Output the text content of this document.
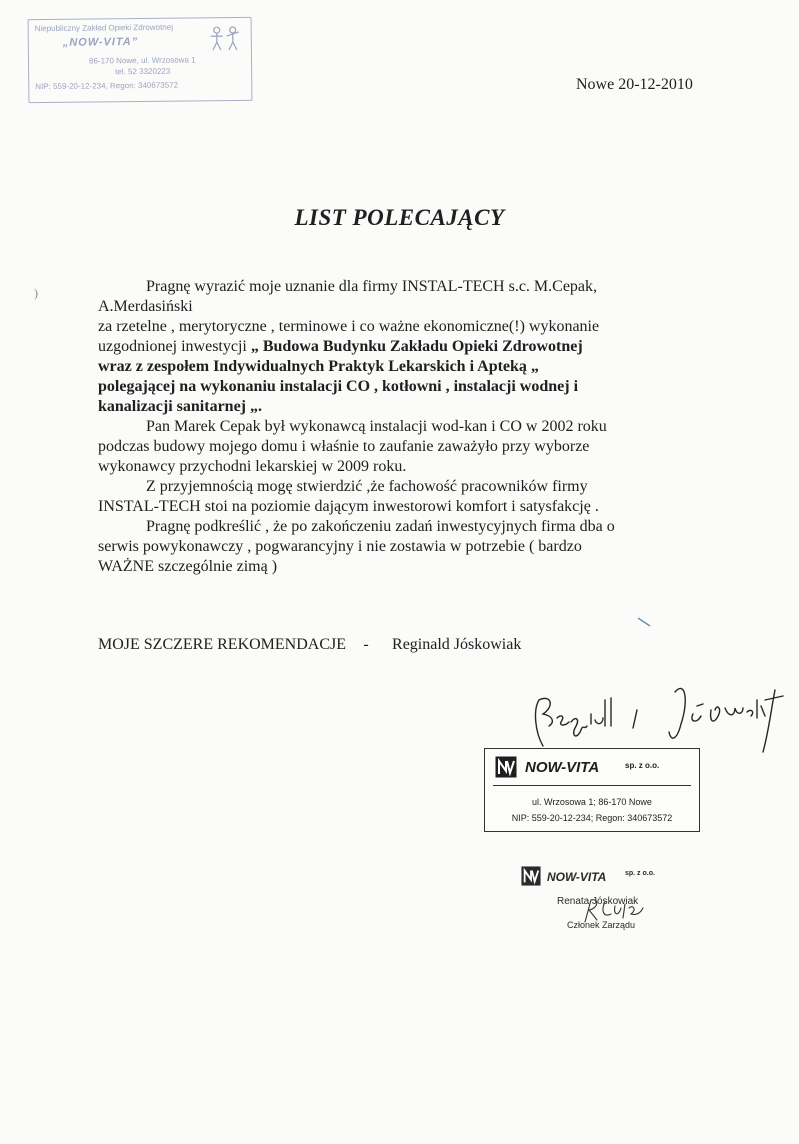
Niepubliczny Zakład Opieki Zdrowotnej
„NOW-VITA”
86-170 Nowe, ul. Wrzosowa 1
tel. 52 3320223
NIP: 559-20-12-234, Regon: 340673572	Nowe 20-12-2010
LIST POLECAJĄCY
)	Pragnę wyrazić moje uznanie dla firmy INSTAL-TECH s.c. M.Cepak,
A.Merdasiński
za rzetelne , merytoryczne , terminowe i co ważne ekonomiczne(!) wykonanie
uzgodnionej inwestycji „ Budowa Budynku Zakładu Opieki Zdrowotnej
wraz z zespołem Indywidualnych Praktyk Lekarskich i Apteką „
polegającej na wykonaniu instalacji CO , kotłowni , instalacji wodnej i
kanalizacji sanitarnej „.
Pan Marek Cepak był wykonawcą instalacji wod-kan i CO w 2002 roku
podczas budowy mojego domu i właśnie to zaufanie zaważyło przy wyborze
wykonawcy przychodni lekarskiej w 2009 roku.
Z przyjemnością mogę stwierdzić ,że fachowość pracowników firmy
INSTAL-TECH stoi na poziomie dającym inwestorowi komfort i satysfakcję .
Pragnę podkreślić , że po zakończeniu zadań inwestycyjnych firma dba o
serwis powykonawczy , pogwarancyjny i nie zostawia w potrzebie ( bardzo
WAŻNE szczególnie zimą )
MOJE SZCZERE REKOMENDACJE - Reginald Jóskowiak
NOW-VITA	sp. z o.o.
ul. Wrzosowa 1; 86-170 Nowe
NIP: 559-20-12-234; Regon: 340673572
NOW-VITA	sp. z o.o.
Renata Jóskowiak
Członek Zarządu
